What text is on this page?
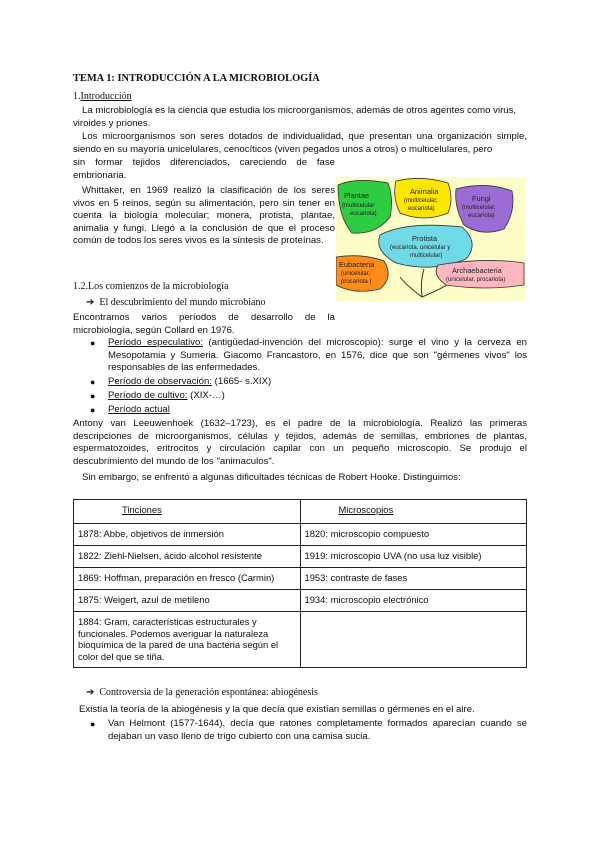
TEMA 1: INTRODUCCIÓN A LA MICROBIOLOGÍA

1.Introducción

La microbiología es la ciencia que estudia los microorganismos, además de otros agentes como virus, viroides y priones.

Los microorganismos son seres dotados de individualidad, que presentan una organización simple, siendo en su mayoría unicelulares, cenocíticos (viven pegados unos a otros) o multicelulares, pero

sin formar tejidos diferenciados, careciendo de fase embrionaria.

Whittaker, en 1969 realizó la clasificación de los seres vivos en 5 reinos, según su alimentación, pero sin tener en cuenta la biología molecular; monera, protista, plantae, animalia y fungi. Llegó a la conclusión de que el proceso común de todos los seres vivos es la síntesis de proteínas.

Plantae
(multicelular
eucariota)
Animalia
(multicelular,
eucariota)
Fungi
(multicelular,
eucariota)
Protista
(eucariota, unicelular y
multicelular)
Eubacteria
(unicelular,
procariota )
Archaebacteria
(unicelular, procariota)

1.2.Los comienzos de la microbiología

➔ El descubrimiento del mundo microbiano

Encontramos varios períodos de desarrollo de la microbiología, según Collard en 1976.

● Período especulativo: (antigüedad-invención del microscopio): surge el vino y la cerveza en Mesopotamia y Sumeria. Giacomo Francastoro, en 1576, dice que son "gérmenes vivos" los responsables de las enfermedades.

● Período de observación: (1665- s.XIX)

● Período de cultivo: (XIX-…)

● Período actual

Antony van Leeuwenhoek (1632–1723), es el padre de la microbiología. Realizó las primeras descripciones de microorganismos, células y tejidos, además de semillas, embriones de plantas, espermatozoides, eritrocitos y circulación capilar con un pequeño microscopio. Se produjo el descubrimiento del mundo de los "animaculos".

Sin embargo, se enfrentó a algunas dificultades técnicas de Robert Hooke. Distinguimos:

Tinciones	Microscopios
1878: Abbe, objetivos de inmersión	1820: microscopio compuesto
1822: Ziehl-Nielsen, ácido alcohol resistente	1919: microscopio UVA (no usa luz visible)
1869: Hoffman, preparación en fresco (Carmin)	1953: contraste de fases
1875: Weigert, azul de metileno	1934: microscopio electrónico
1884: Gram, características estructurales y funcionales. Podemos averiguar la naturaleza bioquímica de la pared de una bacteria según el color del que se tiña.	

➔ Controversia de la generación espontánea: abiogénesis

Existía la teoría de la abiogénesis y la que decía que existían semillas o gérmenes en el aire.

● Van Helmont (1577-1644), decía que ratones completamente formados aparecían cuando se dejaban un vaso lleno de trigo cubierto con una camisa sucia.
